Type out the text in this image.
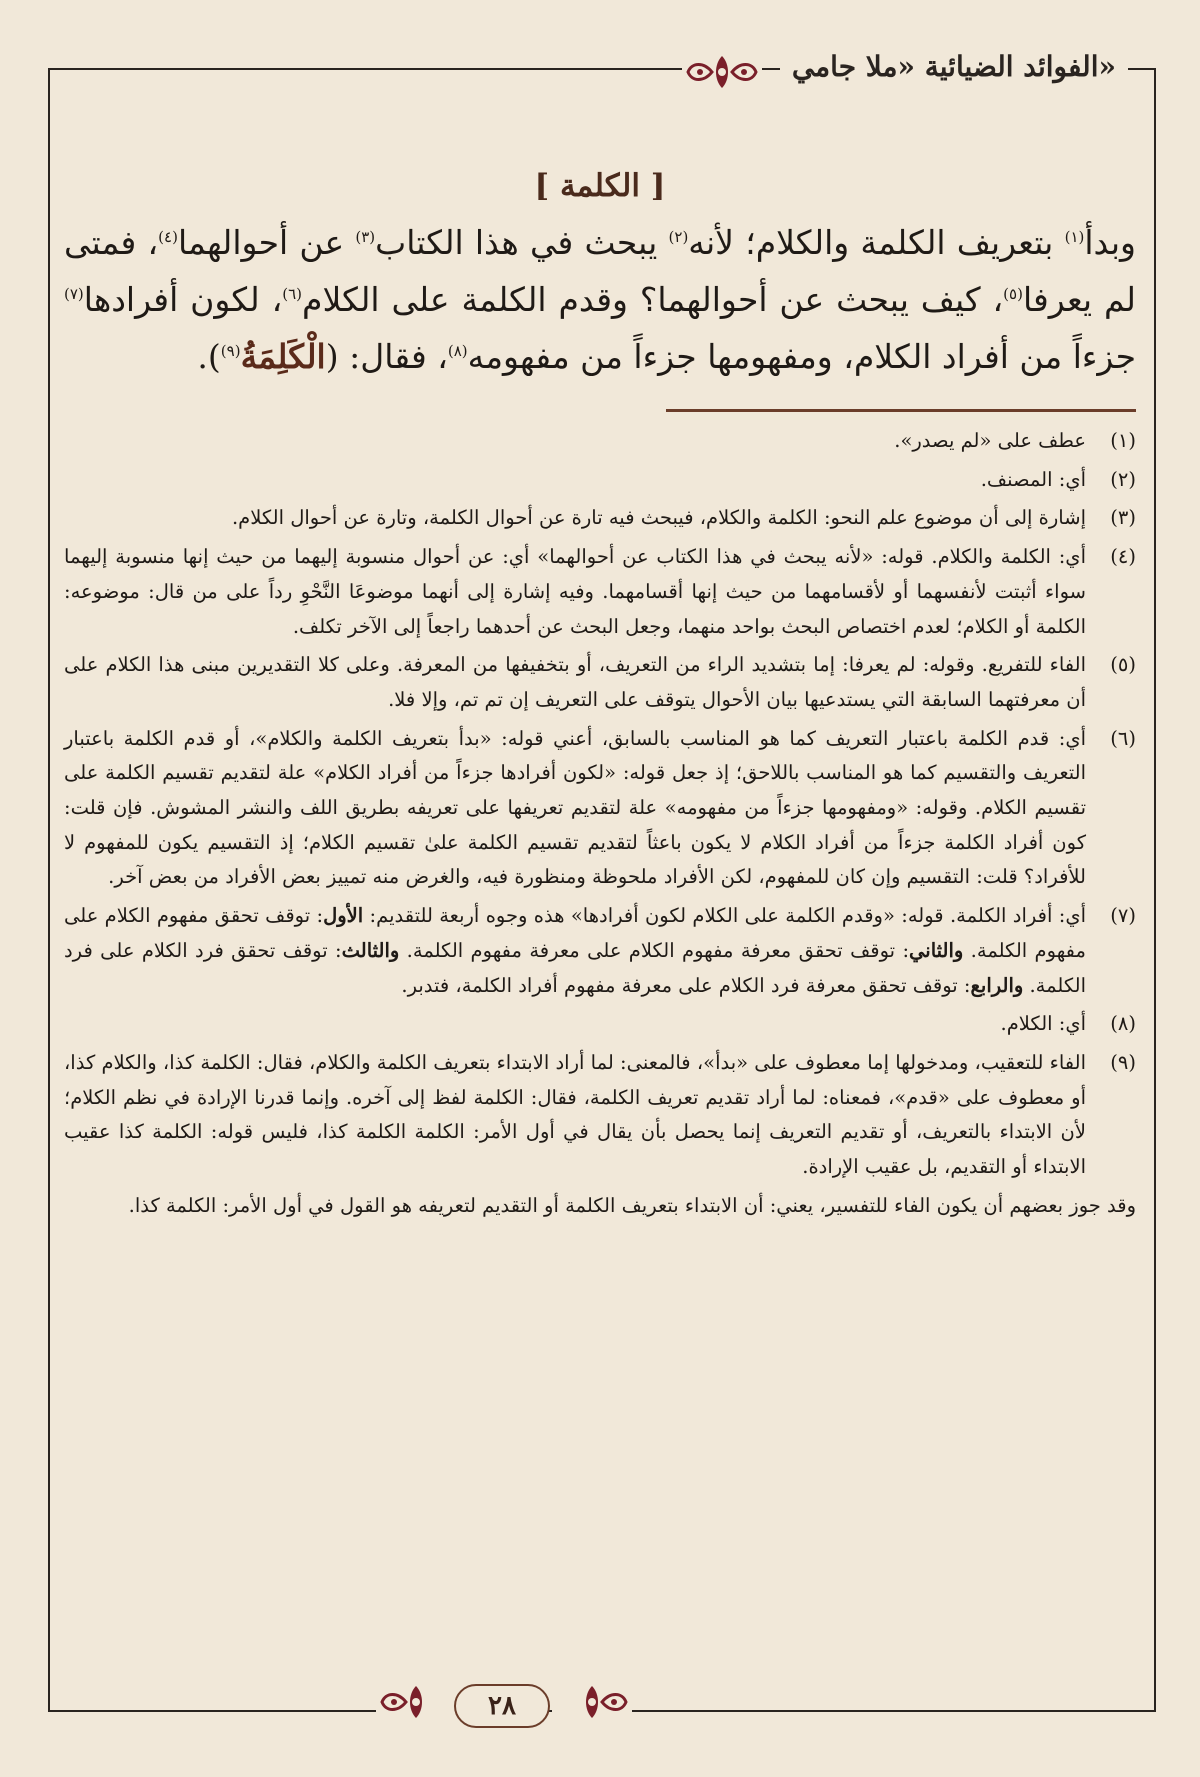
الفوائد الضيائية «ملا جامي»
[ الكلمة ]

وبدأ$^{(١)}$ بتعريف الكلمة والكلام؛ لأنه$^{(٢)}$ يبحث في هذا الكتاب$^{(٣)}$ عن أحوالهما$^{(٤)}$، فمتى لم يعرفا$^{(٥)}$، كيف يبحث عن أحوالهما؟ وقدم الكلمة على الكلام$^{(٦)}$، لكون أفرادها$^{(٧)}$ جزءاً من أفراد الكلام، ومفهومها جزءاً من مفهومه$^{(٨)}$، فقال: (الْكَلِمَةُ$^{(٩)}$).

(١)
عطف على «لم يصدر».
(٢)
أي: المصنف.
(٣)
إشارة إلى أن موضوع علم النحو: الكلمة والكلام، فيبحث فيه تارة عن أحوال الكلمة، وتارة عن أحوال الكلام.
(٤)
أي: الكلمة والكلام. قوله: «لأنه يبحث في هذا الكتاب عن أحوالهما» أي: عن أحوال منسوبة إليهما من حيث إنها منسوبة إليهما سواء أثبتت لأنفسهما أو لأقسامهما من حيث إنها أقسامهما. وفيه إشارة إلى أنهما موضوعَا النَّحْوِ رداً على من قال: موضوعه: الكلمة أو الكلام؛ لعدم اختصاص البحث بواحد منهما، وجعل البحث عن أحدهما راجعاً إلى الآخر تكلف.
(٥)
الفاء للتفريع. وقوله: لم يعرفا: إما بتشديد الراء من التعريف، أو بتخفيفها من المعرفة. وعلى كلا التقديرين مبنى هذا الكلام على أن معرفتهما السابقة التي يستدعيها بيان الأحوال يتوقف على التعريف إن تم تم، وإلا فلا.
(٦)
أي: قدم الكلمة باعتبار التعريف كما هو المناسب بالسابق، أعني قوله: «بدأ بتعريف الكلمة والكلام»، أو قدم الكلمة باعتبار التعريف والتقسيم كما هو المناسب باللاحق؛ إذ جعل قوله: «لكون أفرادها جزءاً من أفراد الكلام» علة لتقديم تقسيم الكلمة على تقسيم الكلام. وقوله: «ومفهومها جزءاً من مفهومه» علة لتقديم تعريفها على تعريفه بطريق اللف والنشر المشوش. فإن قلت: كون أفراد الكلمة جزءاً من أفراد الكلام لا يكون باعثاً لتقديم تقسيم الكلمة علىٰ تقسيم الكلام؛ إذ التقسيم يكون للمفهوم لا للأفراد؟ قلت: التقسيم وإن كان للمفهوم، لكن الأفراد ملحوظة ومنظورة فيه، والغرض منه تمييز بعض الأفراد من بعض آخر.
(٧)
أي: أفراد الكلمة. قوله: «وقدم الكلمة على الكلام لكون أفرادها» هذه وجوه أربعة للتقديم: الأول: توقف تحقق مفهوم الكلام على مفهوم الكلمة. والثاني: توقف تحقق معرفة مفهوم الكلام على معرفة مفهوم الكلمة. والثالث: توقف تحقق فرد الكلام على فرد الكلمة. والرابع: توقف تحقق معرفة فرد الكلام على معرفة مفهوم أفراد الكلمة، فتدبر.
(٨)
أي: الكلام.
(٩)
الفاء للتعقيب، ومدخولها إما معطوف على «بدأ»، فالمعنى: لما أراد الابتداء بتعريف الكلمة والكلام، فقال: الكلمة كذا، والكلام كذا، أو معطوف على «قدم»، فمعناه: لما أراد تقديم تعريف الكلمة، فقال: الكلمة لفظ إلى آخره. وإنما قدرنا الإرادة في نظم الكلام؛ لأن الابتداء بالتعريف، أو تقديم التعريف إنما يحصل بأن يقال في أول الأمر: الكلمة الكلمة كذا، فليس قوله: الكلمة كذا عقيب الابتداء أو التقديم، بل عقيب الإرادة.
وقد جوز بعضهم أن يكون الفاء للتفسير، يعني: أن الابتداء بتعريف الكلمة أو التقديم لتعريفه هو القول في أول الأمر: الكلمة كذا.
٢٨
